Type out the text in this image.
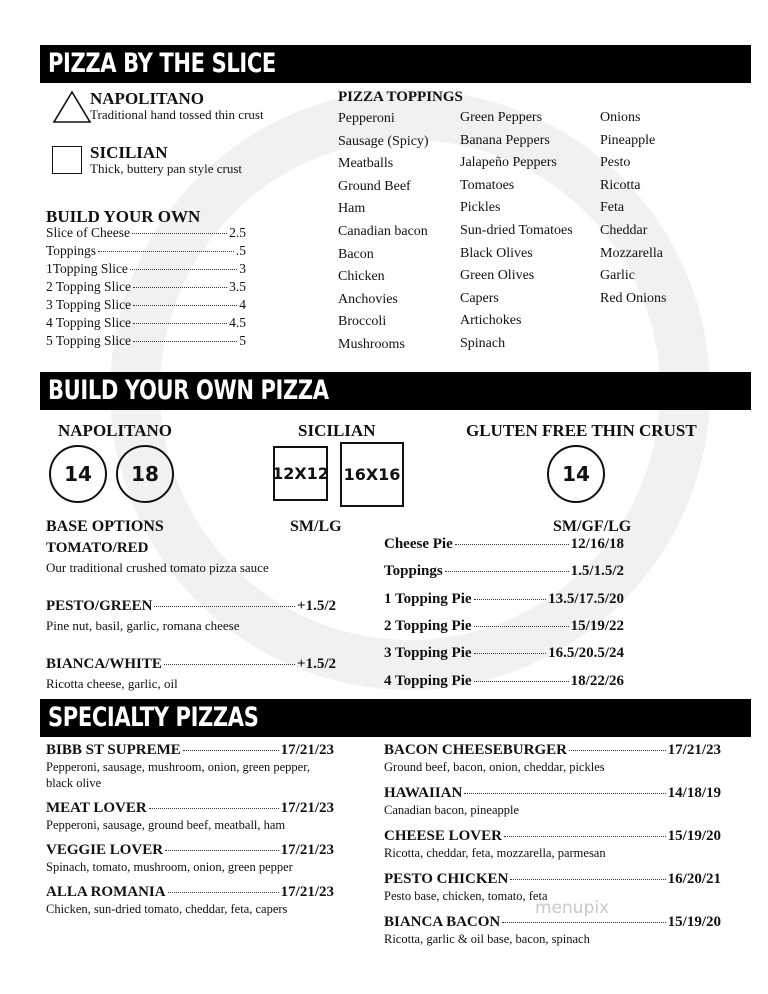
PIZZA BY THE SLICE
NAPOLITANO
Traditional hand tossed thin crust
SICILIAN
Thick, buttery pan style crust
BUILD YOUR OWN
Slice of Cheese	2.5
Toppings	.5
1Topping Slice	3
2 Topping Slice	3.5
3 Topping Slice	4
4 Topping Slice	4.5
5 Topping Slice	5
PIZZA TOPPINGS
Pepperoni
Sausage (Spicy)
Meatballs
Ground Beef
Ham
Canadian bacon
Bacon
Chicken
Anchovies
Broccoli
Mushrooms
Green Peppers
Banana Peppers
Jalapeño Peppers
Tomatoes
Pickles
Sun-dried Tomatoes
Black Olives
Green Olives
Capers
Artichokes
Spinach
Onions
Pineapple
Pesto
Ricotta
Feta
Cheddar
Mozzarella
Garlic
Red Onions
BUILD YOUR OWN PIZZA
NAPOLITANO
14	18
SICILIAN
12X12 16X16
GLUTEN FREE THIN CRUST
14
BASE OPTIONS	SM/LG
TOMATO/RED
Our traditional crushed tomato pizza sauce
PESTO/GREEN	+1.5/2
Pine nut, basil, garlic, romana cheese
BIANCA/WHITE	+1.5/2
Ricotta cheese, garlic, oil
SM/GF/LG
Cheese Pie	12/16/18
Toppings	1.5/1.5/2
1 Topping Pie	13.5/17.5/20
2 Topping Pie	15/19/22
3 Topping Pie	16.5/20.5/24
4 Topping Pie	18/22/26
SPECIALTY PIZZAS
BIBB ST SUPREME	17/21/23
Pepperoni, sausage, mushroom, onion, green pepper, black olive
MEAT LOVER	17/21/23
Pepperoni, sausage, ground beef, meatball, ham
VEGGIE LOVER	17/21/23
Spinach, tomato, mushroom, onion, green pepper
ALLA ROMANIA	17/21/23
Chicken, sun-dried tomato, cheddar, feta, capers
BACON CHEESEBURGER	17/21/23
Ground beef, bacon, onion, cheddar, pickles
HAWAIIAN	14/18/19
Canadian bacon, pineapple
CHEESE LOVER	15/19/20
Ricotta, cheddar, feta, mozzarella, parmesan
PESTO CHICKEN	16/20/21
Pesto base, chicken, tomato, feta
BIANCA BACON	15/19/20
Ricotta, garlic & oil base, bacon, spinach
menupix
